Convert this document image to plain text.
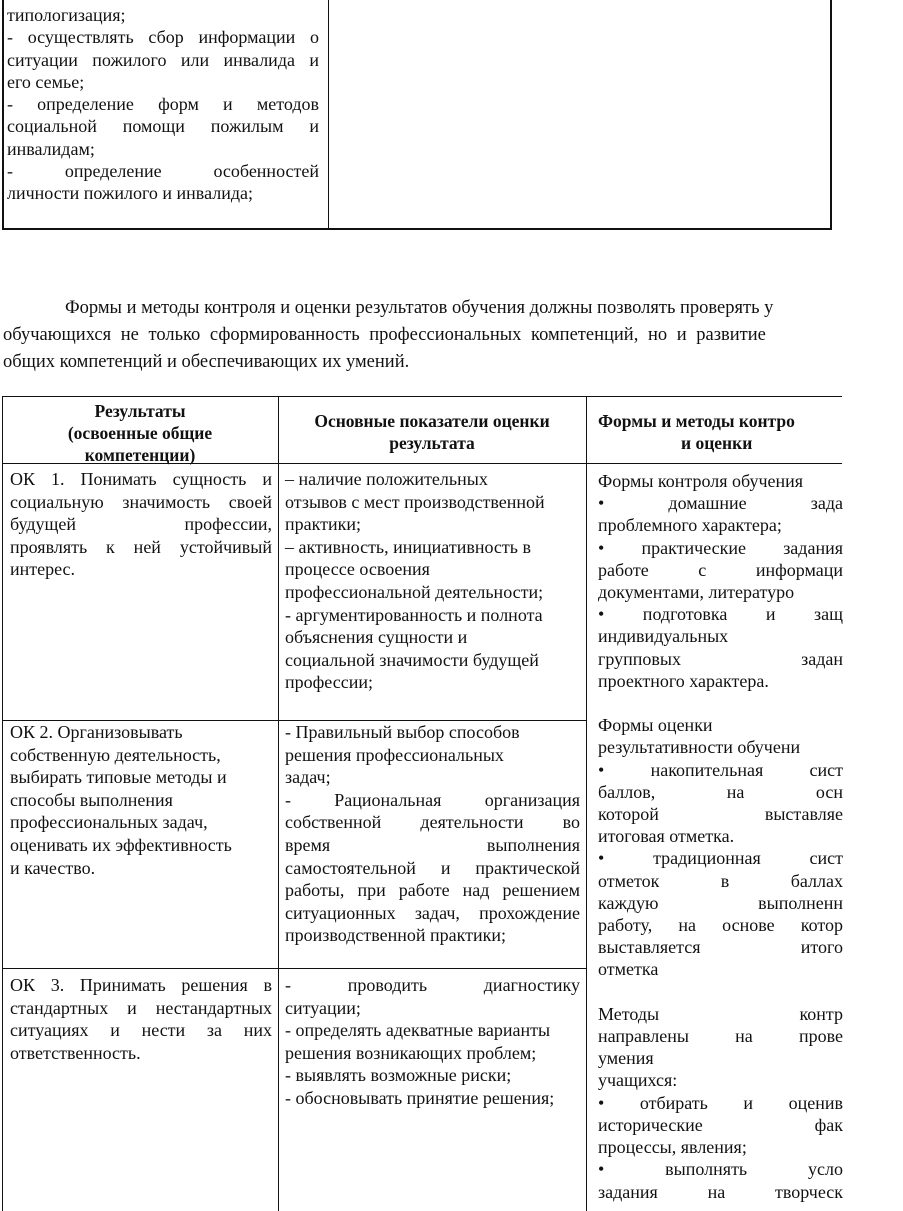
типологизация;
- осуществлять сбор информации о
ситуации пожилого или инвалида и
его семье;
- определение форм и методов
социальной помощи пожилым и
инвалидам;
- определение особенностей
личности пожилого и инвалида;
Формы и методы контроля и оценки результатов обучения должны позволять проверять у
обучающихся не только сформированность профессиональных компетенций, но и развитие
общих компетенций и обеспечивающих их умений.
Результаты
(освоенные общие
компетенции)
Основные показатели оценки
результата
Формы и методы контро
и оценки
ОК 1. Понимать сущность и
социальную значимость своей
будущей профессии,
проявлять к ней устойчивый
интерес.
– наличие положительных
отзывов с мест производственной
практики;
– активность, инициативность в
процессе освоения
профессиональной деятельности;
- аргументированность и полнота
объяснения сущности и
социальной значимости будущей
профессии;
ОК 2. Организовывать
собственную деятельность,
выбирать типовые методы и
способы выполнения
профессиональных задач,
оценивать их эффективность
и качество.
- Правильный выбор способов
решения профессиональных
задач;
- Рациональная организация
собственной деятельности во
время выполнения
самостоятельной и практической
работы, при работе над решением
ситуационных задач, прохождение
производственной практики;
ОК 3. Принимать решения в
стандартных и нестандартных
ситуациях и нести за них
ответственность.
- проводить диагностику
ситуации;
- определять адекватные варианты
решения возникающих проблем;
- выявлять возможные риски;
- обосновывать принятие решения;
Формы контроля обучения
• домашние зада
проблемного характера;
• практические задания
работе с информаци
документами, литературо
• подготовка и защ
индивидуальных
групповых задан
проектного характера.

Формы оценки
результативности обучени
• накопительная сист
баллов, на осн
которой выставляе
итоговая отметка.
• традиционная сист
отметок в баллах
каждую выполненн
работу, на основе котор
выставляется итого
отметка

Методы контр
направлены на прове
умения
учащихся:
• отбирать и оценив
исторические фак
процессы, явления;
• выполнять усло
задания на творческ
